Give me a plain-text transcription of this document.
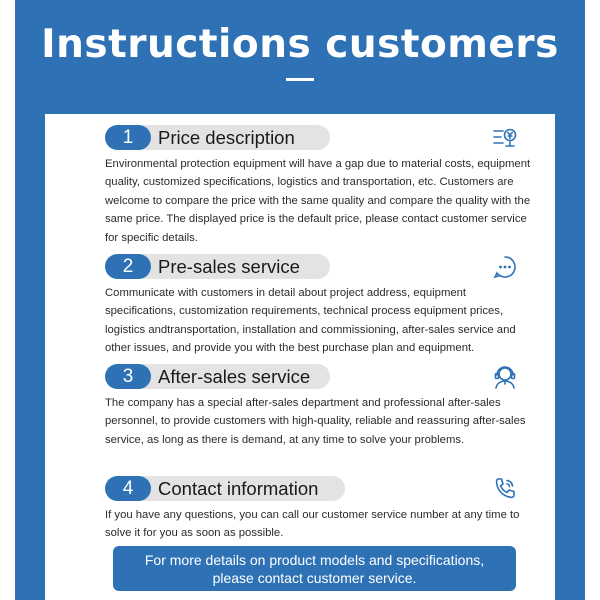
Instructions customers
1	Price description
Environmental protection equipment will have a gap due to material costs, equipment quality, customized specifications, logistics and transportation, etc. Customers are welcome to compare the price with the same quality and compare the quality with the same price. The displayed price is the default price, please contact customer service for specific details.
2	Pre-sales service
Communicate with customers in detail about project address, equipment specifications, customization requirements, technical process equipment prices, logistics andtransportation, installation and commissioning, after-sales service and other issues, and provide you with the best purchase plan and equipment.
3	After-sales service
The company has a special after-sales department and professional after-sales personnel, to provide customers with high-quality, reliable and reassuring after-sales service, as long as there is demand, at any time to solve your problems.
4	Contact information
If you have any questions, you can call our customer service number at any time to solve it for you as soon as possible.
For more details on product models and specifications, please contact customer service.
